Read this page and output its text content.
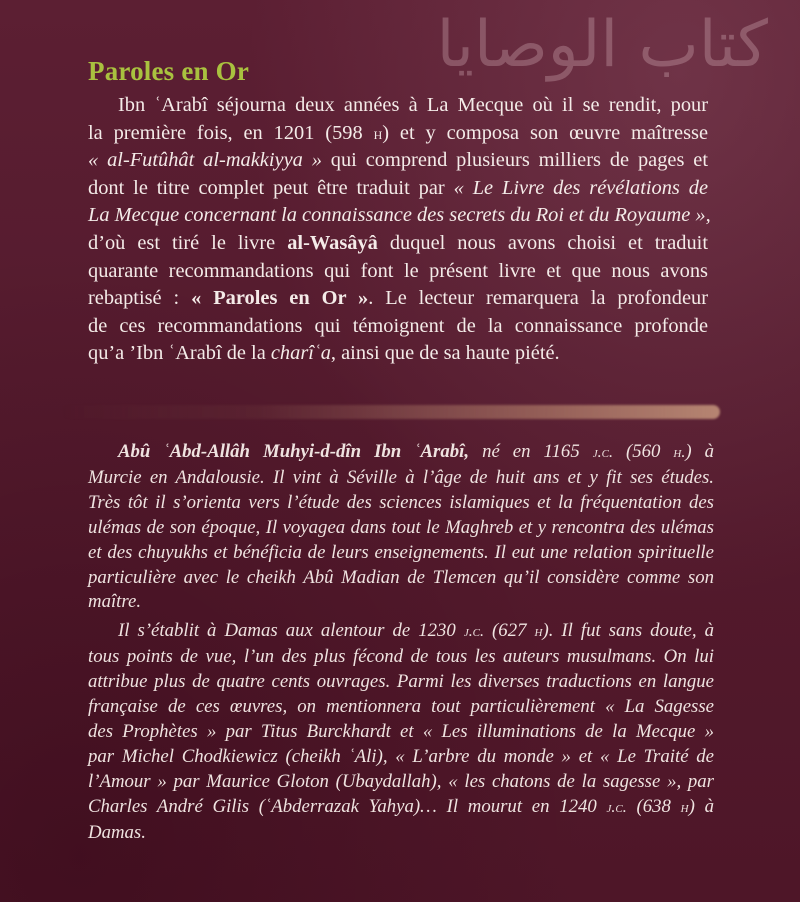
كتاب الوصايا
Paroles en Or
Ibn ʿArabî séjourna deux années à La Mecque où il se rendit, pour
la première fois, en 1201 (598 h) et y composa son œuvre maîtresse
« al-Futûhât al-makkiyya » qui comprend plusieurs milliers de pages et
dont le titre complet peut être traduit par « Le Livre des révélations de
La Mecque concernant la connaissance des secrets du Roi et du Royaume »,
d’où est tiré le livre al-Wasâyâ duquel nous avons choisi et traduit
quarante recommandations qui font le présent livre et que nous avons
rebaptisé : « Paroles en Or ». Le lecteur remarquera la profondeur
de ces recommandations qui témoignent de la connaissance profonde
qu’a ’Ibn ʿArabî de la charîʿa, ainsi que de sa haute piété.
Abû ʿAbd-Allâh Muhyi-d-dîn Ibn ʿArabî, né en 1165 j.c. (560 h.) à
Murcie en Andalousie. Il vint à Séville à l’âge de huit ans et y fit ses études.
Très tôt il s’orienta vers l’étude des sciences islamiques et la fréquentation des
ulémas de son époque, Il voyagea dans tout le Maghreb et y rencontra des ulémas
et des chuyukhs et bénéficia de leurs enseignements. Il eut une relation spirituelle
particulière avec le cheikh Abû Madian de Tlemcen qu’il considère comme son
maître.
Il s’établit à Damas aux alentour de 1230 j.c. (627 h). Il fut sans doute, à
tous points de vue, l’un des plus fécond de tous les auteurs musulmans. On lui
attribue plus de quatre cents ouvrages. Parmi les diverses traductions en langue
française de ces œuvres, on mentionnera tout particulièrement « La Sagesse
des Prophètes » par Titus Burckhardt et « Les illuminations de la Mecque »
par Michel Chodkiewicz (cheikh ʿAli), « L’arbre du monde » et « Le Traité de
l’Amour » par Maurice Gloton (Ubaydallah), « les chatons de la sagesse », par
Charles André Gilis (ʿAbderrazak Yahya)… Il mourut en 1240 j.c. (638 h) à
Damas.
